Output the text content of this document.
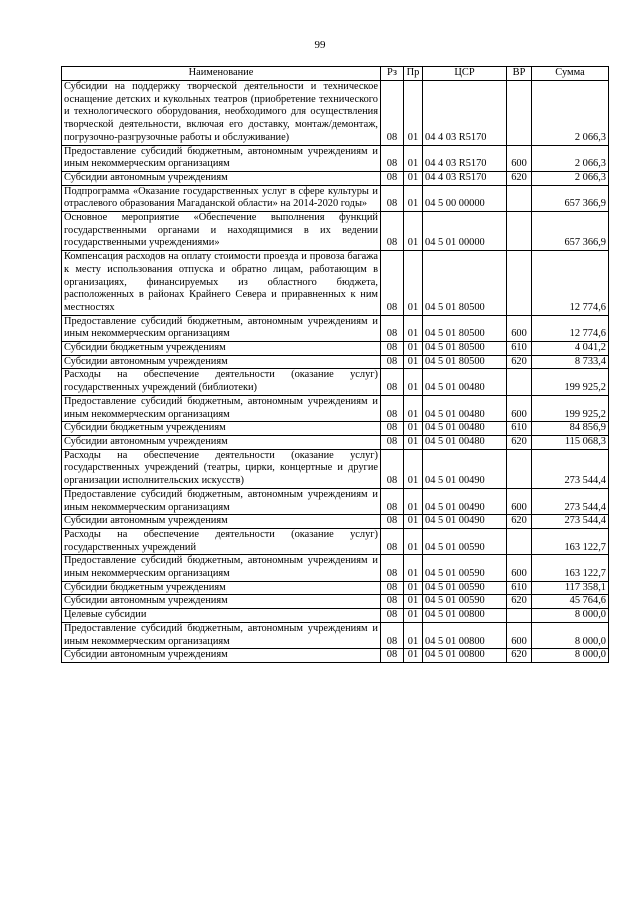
99
Наименование	Рз	Пр	ЦСР	ВР	Сумма
Субсидии на поддержку творческой деятельности и техническое оснащение детских и кукольных театров (приобретение технического и технологического оборудования, необходимого для осуществления творческой деятельности, включая его доставку, монтаж/демонтаж, погрузочно-разгрузочные работы и обслуживание)	08	01	04 4 03 R5170		2 066,3
Предоставление субсидий бюджетным, автономным учреждениям и иным некоммерческим организациям	08	01	04 4 03 R5170	600	2 066,3
Субсидии автономным учреждениям	08	01	04 4 03 R5170	620	2 066,3
Подпрограмма «Оказание государственных услуг в сфере культуры и отраслевого образования Магаданской области» на 2014-2020 годы»	08	01	04 5 00 00000		657 366,9
Основное мероприятие «Обеспечение выполнения функций государственными органами и находящимися в их ведении государственными учреждениями»	08	01	04 5 01 00000		657 366,9
Компенсация расходов на оплату стоимости проезда и провоза багажа к месту использования отпуска и обратно лицам, работающим в организациях, финансируемых из областного бюджета, расположенных в районах Крайнего Севера и приравненных к ним местностях	08	01	04 5 01 80500		12 774,6
Предоставление субсидий бюджетным, автономным учреждениям и иным некоммерческим организациям	08	01	04 5 01 80500	600	12 774,6
Субсидии бюджетным учреждениям	08	01	04 5 01 80500	610	4 041,2
Субсидии автономным учреждениям	08	01	04 5 01 80500	620	8 733,4
Расходы на обеспечение деятельности (оказание услуг) государственных учреждений (библиотеки)	08	01	04 5 01 00480		199 925,2
Предоставление субсидий бюджетным, автономным учреждениям и иным некоммерческим организациям	08	01	04 5 01 00480	600	199 925,2
Субсидии бюджетным учреждениям	08	01	04 5 01 00480	610	84 856,9
Субсидии автономным учреждениям	08	01	04 5 01 00480	620	115 068,3
Расходы на обеспечение деятельности (оказание услуг) государственных учреждений (театры, цирки, концертные и другие организации исполнительских искусств)	08	01	04 5 01 00490		273 544,4
Предоставление субсидий бюджетным, автономным учреждениям и иным некоммерческим организациям	08	01	04 5 01 00490	600	273 544,4
Субсидии автономным учреждениям	08	01	04 5 01 00490	620	273 544,4
Расходы на обеспечение деятельности (оказание услуг) государственных учреждений	08	01	04 5 01 00590		163 122,7
Предоставление субсидий бюджетным, автономным учреждениям и иным некоммерческим организациям	08	01	04 5 01 00590	600	163 122,7
Субсидии бюджетным учреждениям	08	01	04 5 01 00590	610	117 358,1
Субсидии автономным учреждениям	08	01	04 5 01 00590	620	45 764,6
Целевые субсидии	08	01	04 5 01 00800		8 000,0
Предоставление субсидий бюджетным, автономным учреждениям и иным некоммерческим организациям	08	01	04 5 01 00800	600	8 000,0
Субсидии автономным учреждениям	08	01	04 5 01 00800	620	8 000,0
